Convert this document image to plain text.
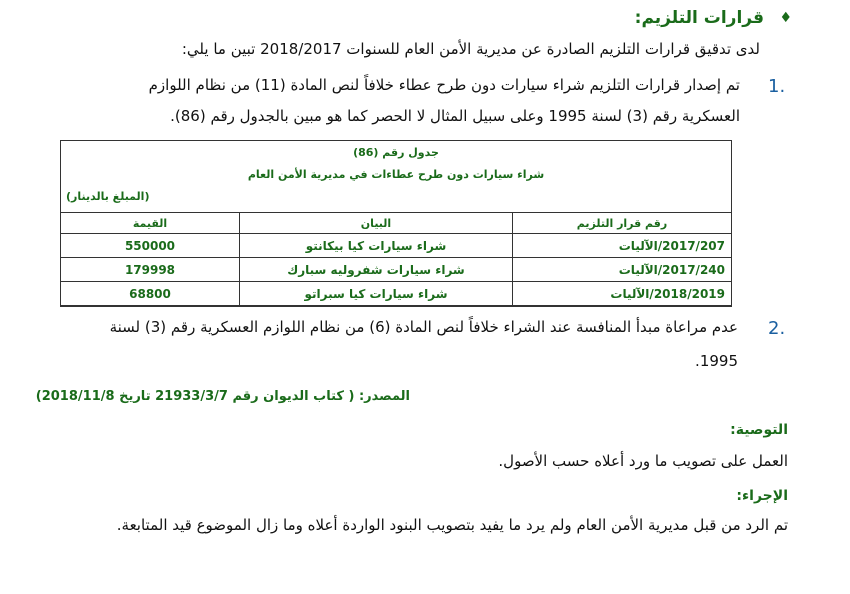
♦
قرارات التلزيم:
لدى تدقيق قرارات التلزيم الصادرة عن مديرية الأمن العام للسنوات 2018/2017 تبين ما يلي:
1.
تم إصدار قرارات التلزيم شراء سيارات دون طرح عطاء خلافاً لنص المادة (11) من نظام اللوازم
العسكرية رقم (3) لسنة 1995 وعلى سبيل المثال لا الحصر كما هو مبين بالجدول رقم (86).
جدول رقم (86)
شراء سيارات دون طرح عطاءات في مديرية الأمن العام
(المبلغ بالدينار)
رقم قرار التلزيم	البيان	القيمة
2017/207/الآليات	شراء سيارات كيا بيكانتو	550000
2017/240/الآليات	شراء سيارات شفروليه سبارك	179998
2018/2019/الآليات	شراء سيارات كيا سبراتو	68800
2.
عدم مراعاة مبدأ المنافسة عند الشراء خلافاً لنص المادة (6) من نظام اللوازم العسكرية رقم (3) لسنة
1995.
المصدر: ( كتاب الديوان رقم 21933/3/7 تاريخ 2018/11/8)
التوصية:
العمل على تصويب ما ورد أعلاه حسب الأصول.
الإجراء:
تم الرد من قبل مديرية الأمن العام ولم يرد ما يفيد بتصويب البنود الواردة أعلاه وما زال الموضوع قيد المتابعة.
